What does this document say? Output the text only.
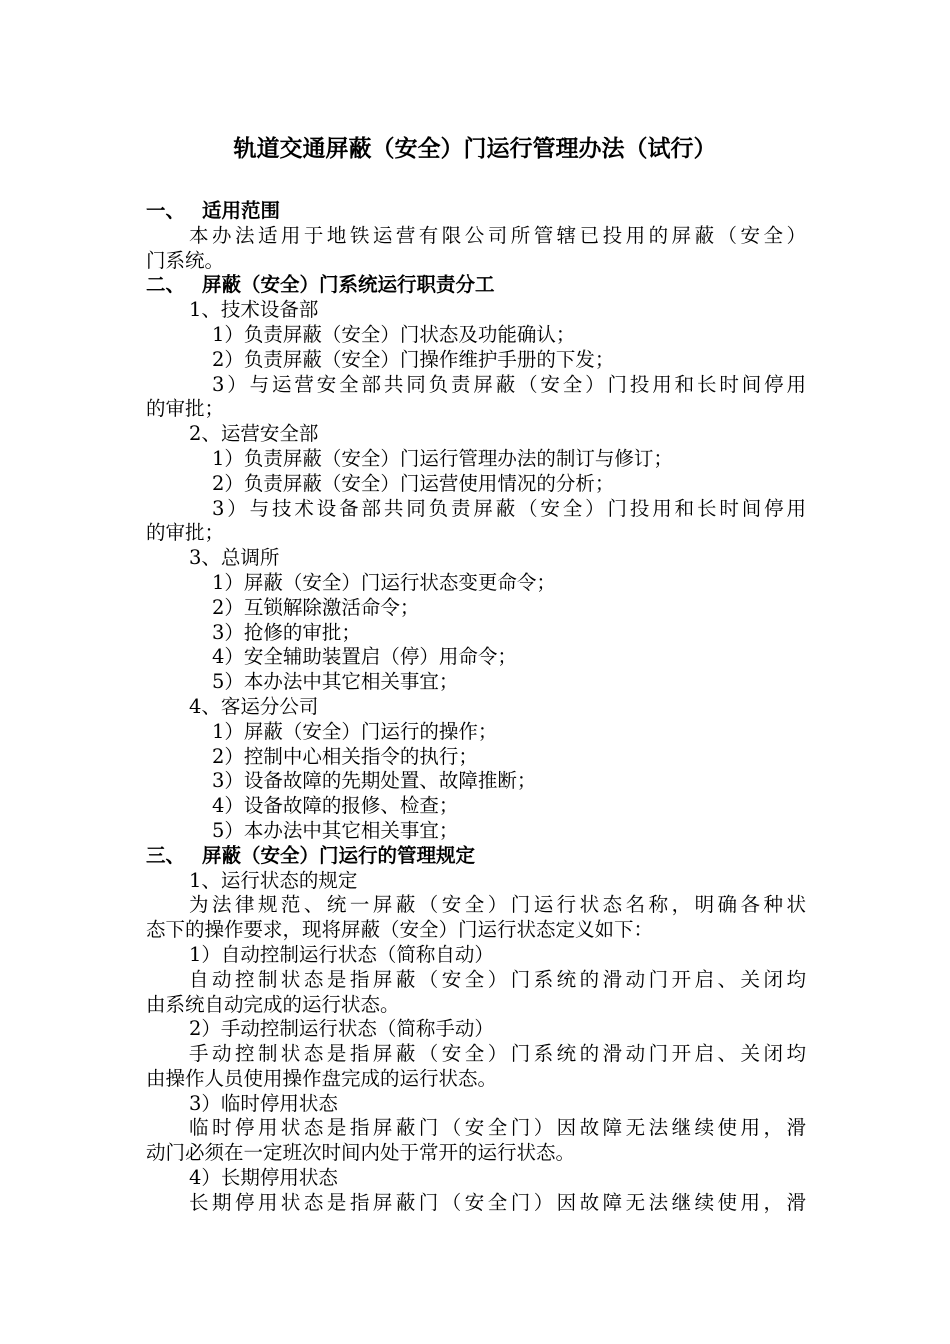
轨道交通屏蔽（安全）门运行管理办法（试行）
一、 适用范围
本办法适用于地铁运营有限公司所管辖已投用的屏蔽（安全）
门系统。
二、 屏蔽（安全）门系统运行职责分工
1、技术设备部
1）负责屏蔽（安全）门状态及功能确认；
2）负责屏蔽（安全）门操作维护手册的下发；
3）与运营安全部共同负责屏蔽（安全）门投用和长时间停用
的审批；
2、运营安全部
1）负责屏蔽（安全）门运行管理办法的制订与修订；
2）负责屏蔽（安全）门运营使用情况的分析；
3）与技术设备部共同负责屏蔽（安全）门投用和长时间停用
的审批；
3、总调所
1）屏蔽（安全）门运行状态变更命令；
2）互锁解除激活命令；
3）抢修的审批；
4）安全辅助装置启（停）用命令；
5）本办法中其它相关事宜；
4、客运分公司
1）屏蔽（安全）门运行的操作；
2）控制中心相关指令的执行；
3）设备故障的先期处置、故障推断；
4）设备故障的报修、检查；
5）本办法中其它相关事宜；
三、 屏蔽（安全）门运行的管理规定
1、运行状态的规定
为法律规范、统一屏蔽（安全）门运行状态名称，明确各种状
态下的操作要求，现将屏蔽（安全）门运行状态定义如下：
1）自动控制运行状态（简称自动）
自动控制状态是指屏蔽（安全）门系统的滑动门开启、关闭均
由系统自动完成的运行状态。
2）手动控制运行状态（简称手动）
手动控制状态是指屏蔽（安全）门系统的滑动门开启、关闭均
由操作人员使用操作盘完成的运行状态。
3）临时停用状态
临时停用状态是指屏蔽门（安全门）因故障无法继续使用，滑
动门必须在一定班次时间内处于常开的运行状态。
4）长期停用状态
长期停用状态是指屏蔽门（安全门）因故障无法继续使用，滑
